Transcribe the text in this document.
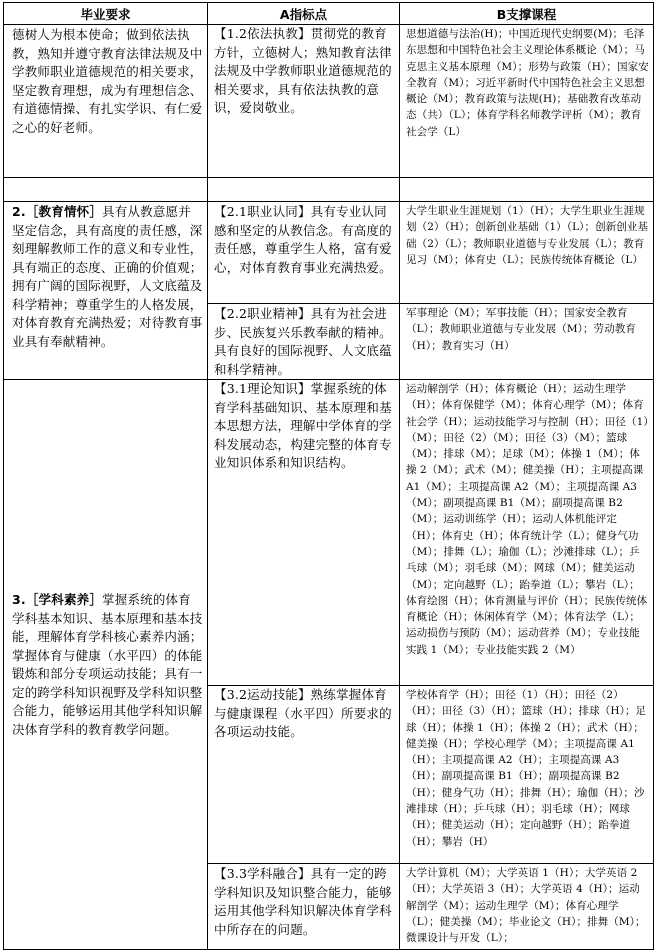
毕业要求	A指标点	B支撑课程
德树人为根本使命；做到依法执教，熟知并遵守教育法律法规及中学教师职业道德规范的相关要求，坚定教育理想，成为有理想信念、有道德情操、有扎实学识、有仁爱之心的好老师。	【1.2依法执教】贯彻党的教育方针，立德树人；熟知教育法律法规及中学教师职业道德规范的相关要求，具有依法执教的意识，爱岗敬业。	思想道德与法治(H)；中国近现代史纲要(M)；毛泽东思想和中国特色社会主义理论体系概论（M）；马克思主义基本原理（M）；形势与政策（H）；国家安全教育（M）；习近平新时代中国特色社会主义思想概论（M）；教育政策与法规(H)；基础教育改革动态（共）（L）；体育学科名师教学评析（M）；教育社会学（L）

2.［教育情怀］具有从教意愿并坚定信念，具有高度的责任感，深刻理解教师工作的意义和专业性，具有端正的态度、正确的价值观；拥有广阔的国际视野，人文底蕴及科学精神；尊重学生的人格发展，对体育教育充满热爱；对待教育事业具有奉献精神。	【2.1职业认同】具有专业认同感和坚定的从教信念。有高度的责任感，尊重学生人格，富有爱心，对体育教育事业充满热爱。	大学生职业生涯规划（1）（H）；大学生职业生涯规划（2）（H）；创新创业基础（1）（L）；创新创业基础（2）（L）；教师职业道德与专业发展（L）；教育见习（M）；体育史（L）；民族传统体育概论（L）
	【2.2职业精神】具有为社会进步、民族复兴乐教奉献的精神。具有良好的国际视野、人文底蕴和科学精神。	军事理论（M）；军事技能（H）；国家安全教育（L）；教师职业道德与专业发展（M）；劳动教育（H）；教育实习（H）
3.［学科素养］掌握系统的体育学科基本知识、基本原理和基本技能，理解体育学科核心素养内涵；掌握体育与健康（水平四）的体能锻炼和部分专项运动技能；具有一定的跨学科知识视野及学科知识整合能力，能够运用其他学科知识解决体育学科的教育教学问题。	【3.1理论知识】掌握系统的体育学科基础知识、基本原理和基本思想方法，理解中学体育的学科发展动态，构建完整的体育专业知识体系和知识结构。	运动解剖学（H）；体育概论（H）；运动生理学（H）；体育保健学（M）；体育心理学（M）；体育社会学（H）；运动技能学习与控制（H）；田径（1）（M）；田径（2）（M）；田径（3）（M）；篮球（M）；排球（M）；足球（M）；体操 1（M）；体操 2（M）；武术（M）；健美操（H）；主项提高课 A1（M）；主项提高课 A2（M）；主项提高课 A3（M）；副项提高课 B1（M）；副项提高课 B2（M）；运动训练学（H）；运动人体机能评定（H）；体育史（H）；体育统计学（L）；健身气功（M）；排舞（L）；瑜伽（L）；沙滩排球（L）；乒乓球（M）；羽毛球（M）；网球（M）；健美运动（M）；定向越野（L）；跆拳道（L）；攀岩（L）；体育绘图（H）；体育测量与评价（H）；民族传统体育概论（H）；休闲体育学（M）；体育法学（L）；运动损伤与预防（M）；运动营养（M）；专业技能实践 1（M）；专业技能实践 2（M）
	【3.2运动技能】熟练掌握体育与健康课程（水平四）所要求的各项运动技能。	学校体育学（H）；田径（1）（H）；田径（2）（H）；田径（3）（H）；篮球（H）；排球（H）；足球（H）；体操 1（H）；体操 2（H）；武术（H）；健美操（H）；学校心理学（M）；主项提高课 A1（H）；主项提高课 A2（H）；主项提高课 A3（H）；副项提高课 B1（H）；副项提高课 B2（H）；健身气功（H）；排舞（H）；瑜伽（H）；沙滩排球（H）；乒乓球（H）；羽毛球（H）；网球（H）；健美运动（H）；定向越野（H）；跆拳道（H）；攀岩（H）
	【3.3学科融合】具有一定的跨学科知识及知识整合能力，能够运用其他学科知识解决体育学科中所存在的问题。	大学计算机（M）；大学英语 1（H）；大学英语 2（H）；大学英语 3（H）；大学英语 4（H）；运动解剖学（M）；运动生理学（M）；体育心理学（L）；健美操（M）；毕业论文（H）；排舞（M）；微课设计与开发（L）；
